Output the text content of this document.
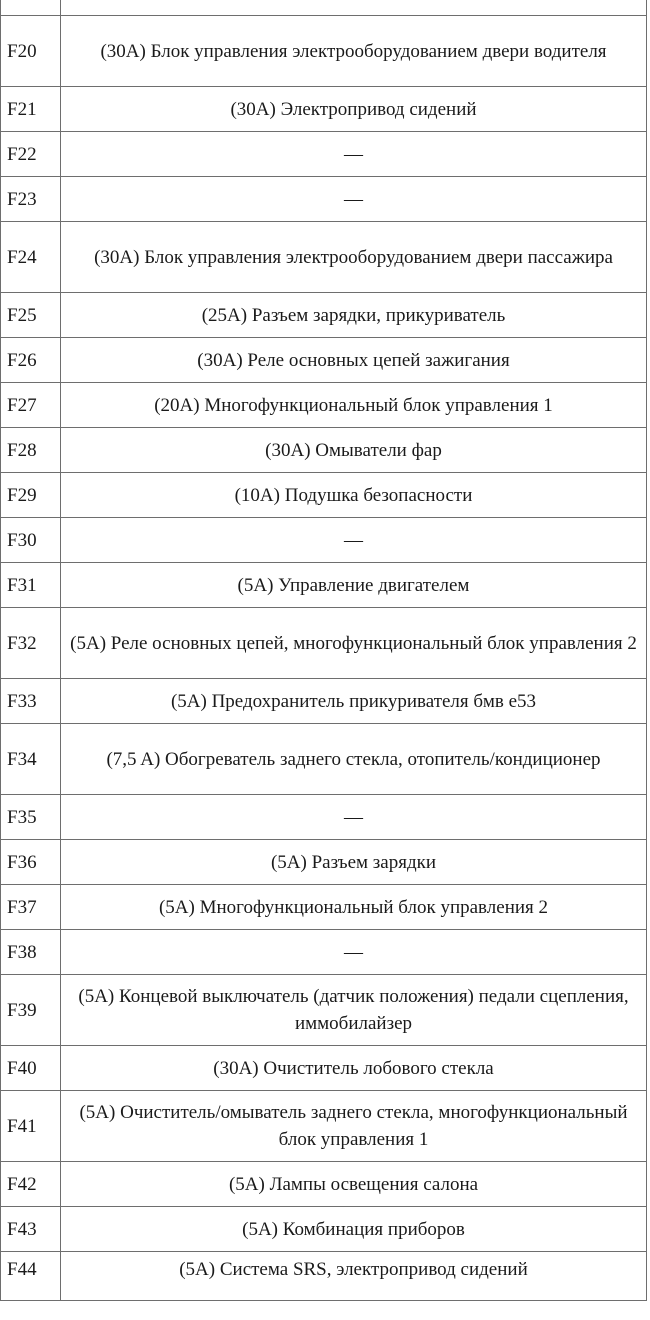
F20	(30A) Блок управления электрооборудованием двери водителя
F21	(30A) Электропривод сидений
F22	—
F23	—
F24	(30A) Блок управления электрооборудованием двери пассажира
F25	(25A) Разъем зарядки, прикуриватель
F26	(30A) Реле основных цепей зажигания
F27	(20A) Многофункциональный блок управления 1
F28	(30A) Омыватели фар
F29	(10A) Подушка безопасности
F30	—
F31	(5A) Управление двигателем
F32	(5A) Реле основных цепей, многофункциональный блок управления 2
F33	(5A) Предохранитель прикуривателя бмв е53
F34	(7,5 A) Обогреватель заднего стекла, отопитель/кондиционер
F35	—
F36	(5A) Разъем зарядки
F37	(5A) Многофункциональный блок управления 2
F38	—
F39	(5A) Концевой выключатель (датчик положения) педали сцепления, иммобилайзер
F40	(30A) Очиститель лобового стекла
F41	(5A) Очиститель/омыватель заднего стекла, многофункциональный блок управления 1
F42	(5A) Лампы освещения салона
F43	(5A) Комбинация приборов
F44	(5A) Система SRS, электропривод сидений
